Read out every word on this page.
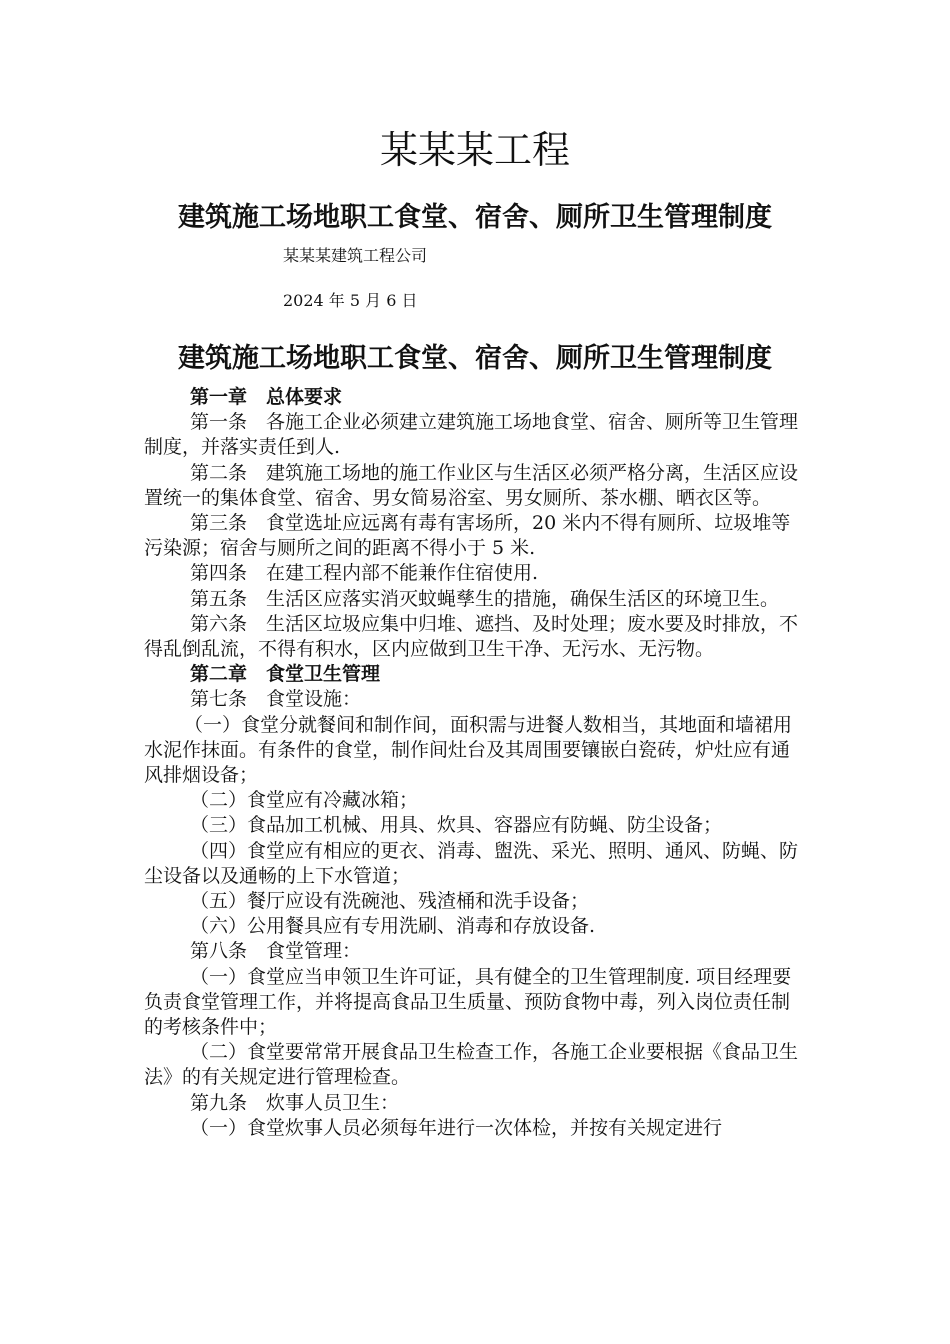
某某某工程
建筑施工场地职工食堂、宿舍、厕所卫生管理制度
某某某建筑工程公司
2024 年 5 月 6 日
建筑施工场地职工食堂、宿舍、厕所卫生管理制度

第一章　总体要求

第一条　各施工企业必须建立建筑施工场地食堂、宿舍、厕所等卫生管理制度，并落实责任到人.

第二条　建筑施工场地的施工作业区与生活区必须严格分离，生活区应设置统一的集体食堂、宿舍、男女简易浴室、男女厕所、茶水棚、晒衣区等。

第三条　食堂选址应远离有毒有害场所，20 米内不得有厕所、垃圾堆等污染源；宿舍与厕所之间的距离不得小于 5 米.

第四条　在建工程内部不能兼作住宿使用.

第五条　生活区应落实消灭蚊蝇孳生的措施，确保生活区的环境卫生。

第六条　生活区垃圾应集中归堆、遮挡、及时处理；废水要及时排放，不得乱倒乱流，不得有积水，区内应做到卫生干净、无污水、无污物。

第二章　食堂卫生管理

第七条　食堂设施：

（一）食堂分就餐间和制作间，面积需与进餐人数相当，其地面和墙裙用水泥作抹面。有条件的食堂，制作间灶台及其周围要镶嵌白瓷砖，炉灶应有通风排烟设备；

（二）食堂应有冷藏冰箱；

（三）食品加工机械、用具、炊具、容器应有防蝇、防尘设备；

（四）食堂应有相应的更衣、消毒、盥洗、采光、照明、通风、防蝇、防尘设备以及通畅的上下水管道；

（五）餐厅应设有洗碗池、残渣桶和洗手设备；

（六）公用餐具应有专用洗刷、消毒和存放设备.

第八条　食堂管理：

（一）食堂应当申领卫生许可证，具有健全的卫生管理制度. 项目经理要负责食堂管理工作，并将提高食品卫生质量、预防食物中毒，列入岗位责任制的考核条件中；

（二）食堂要常常开展食品卫生检查工作，各施工企业要根据《食品卫生法》的有关规定进行管理检查。

第九条　炊事人员卫生：

（一）食堂炊事人员必须每年进行一次体检，并按有关规定进行
